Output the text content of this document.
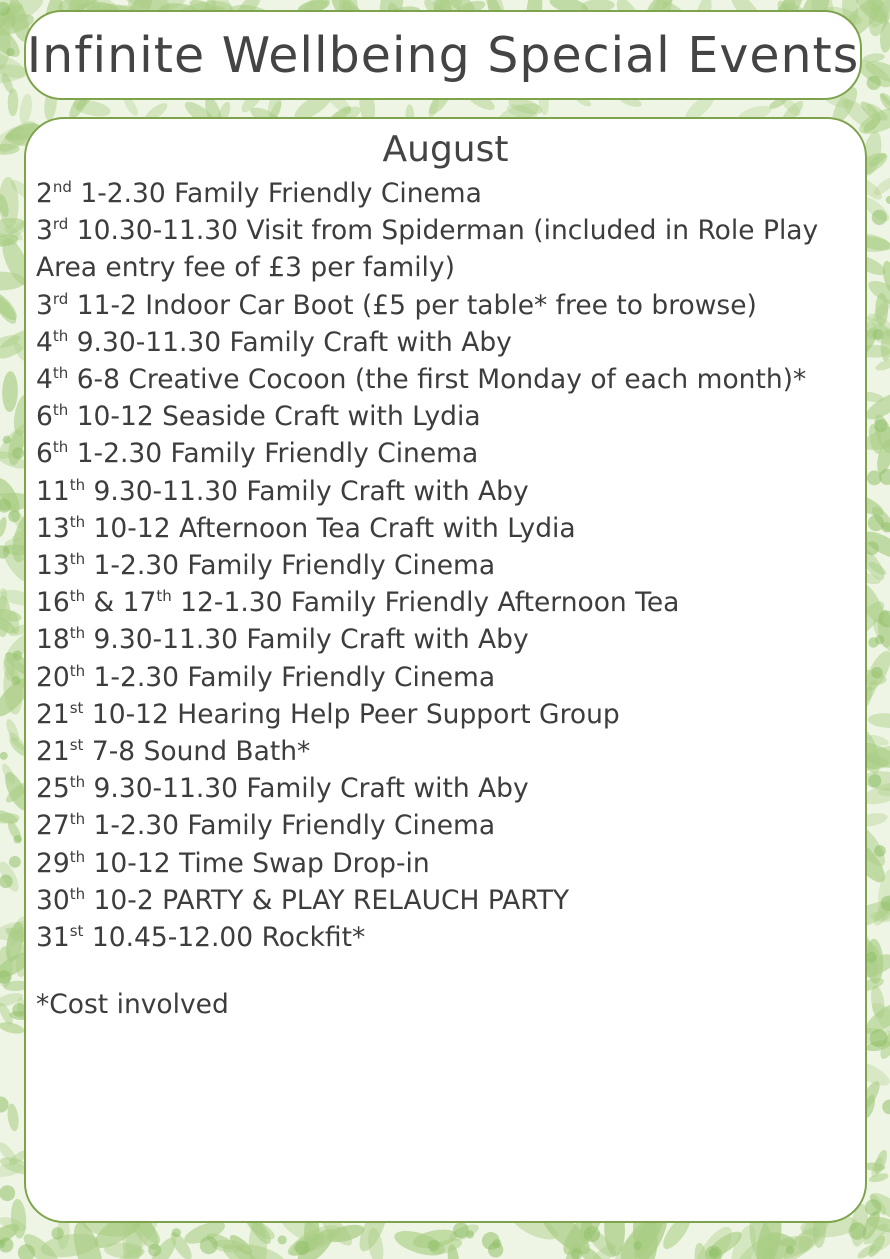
Infinite Wellbeing Special Events
August
2nd 1-2.30 Family Friendly Cinema
3rd 10.30-11.30 Visit from Spiderman (included in Role Play
Area entry fee of £3 per family)
3rd 11-2 Indoor Car Boot (£5 per table* free to browse)
4th 9.30-11.30 Family Craft with Aby
4th 6-8 Creative Cocoon (the first Monday of each month)*
6th 10-12 Seaside Craft with Lydia
6th 1-2.30 Family Friendly Cinema
11th 9.30-11.30 Family Craft with Aby
13th 10-12 Afternoon Tea Craft with Lydia
13th 1-2.30 Family Friendly Cinema
16th & 17th 12-1.30 Family Friendly Afternoon Tea
18th 9.30-11.30 Family Craft with Aby
20th 1-2.30 Family Friendly Cinema
21st 10-12 Hearing Help Peer Support Group
21st 7-8 Sound Bath*
25th 9.30-11.30 Family Craft with Aby
27th 1-2.30 Family Friendly Cinema
29th 10-12 Time Swap Drop-in
30th 10-2 PARTY & PLAY RELAUCH PARTY
31st 10.45-12.00 Rockfit*
*Cost involved
